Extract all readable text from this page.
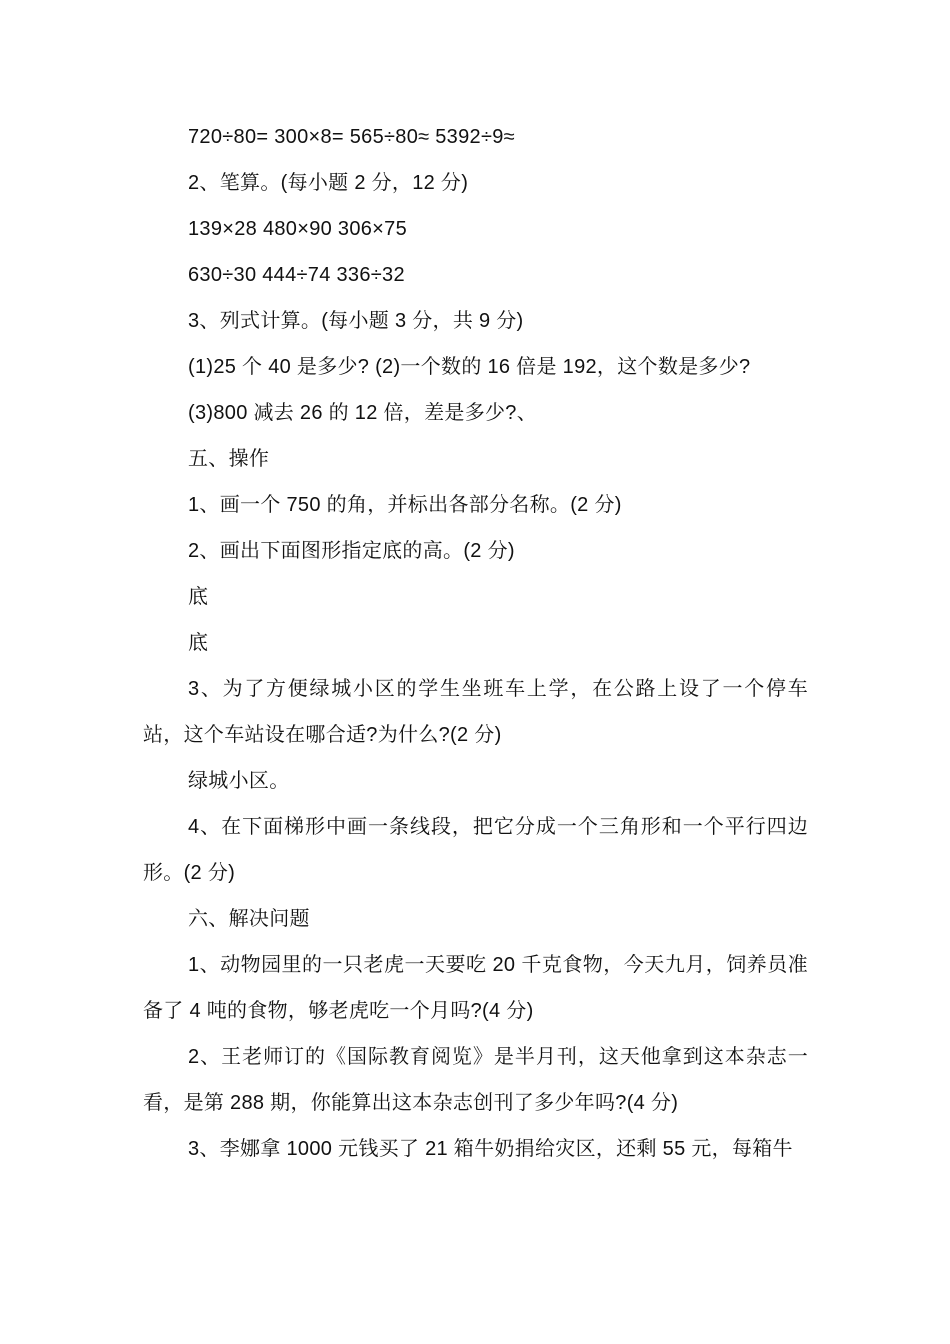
720÷80= 300×8= 565÷80≈ 5392÷9≈

2、笔算。(每小题 2 分，12 分)

139×28 480×90 306×75

630÷30 444÷74 336÷32

3、列式计算。(每小题 3 分，共 9 分)

(1)25 个 40 是多少? (2)一个数的 16 倍是 192，这个数是多少?

(3)800 减去 26 的 12 倍，差是多少?、

五、操作

1、画一个 750 的角，并标出各部分名称。(2 分)

2、画出下面图形指定底的高。(2 分)

底

底

3、为了方便绿城小区的学生坐班车上学，在公路上设了一个停车站，这个车站设在哪合适?为什么?(2 分)

绿城小区。

4、在下面梯形中画一条线段，把它分成一个三角形和一个平行四边形。(2 分)

六、解决问题

1、动物园里的一只老虎一天要吃 20 千克食物，今天九月，饲养员准备了 4 吨的食物，够老虎吃一个月吗?(4 分)

2、王老师订的《国际教育阅览》是半月刊，这天他拿到这本杂志一看，是第 288 期，你能算出这本杂志创刊了多少年吗?(4 分)

3、李娜拿 1000 元钱买了 21 箱牛奶捐给灾区，还剩 55 元，每箱牛
